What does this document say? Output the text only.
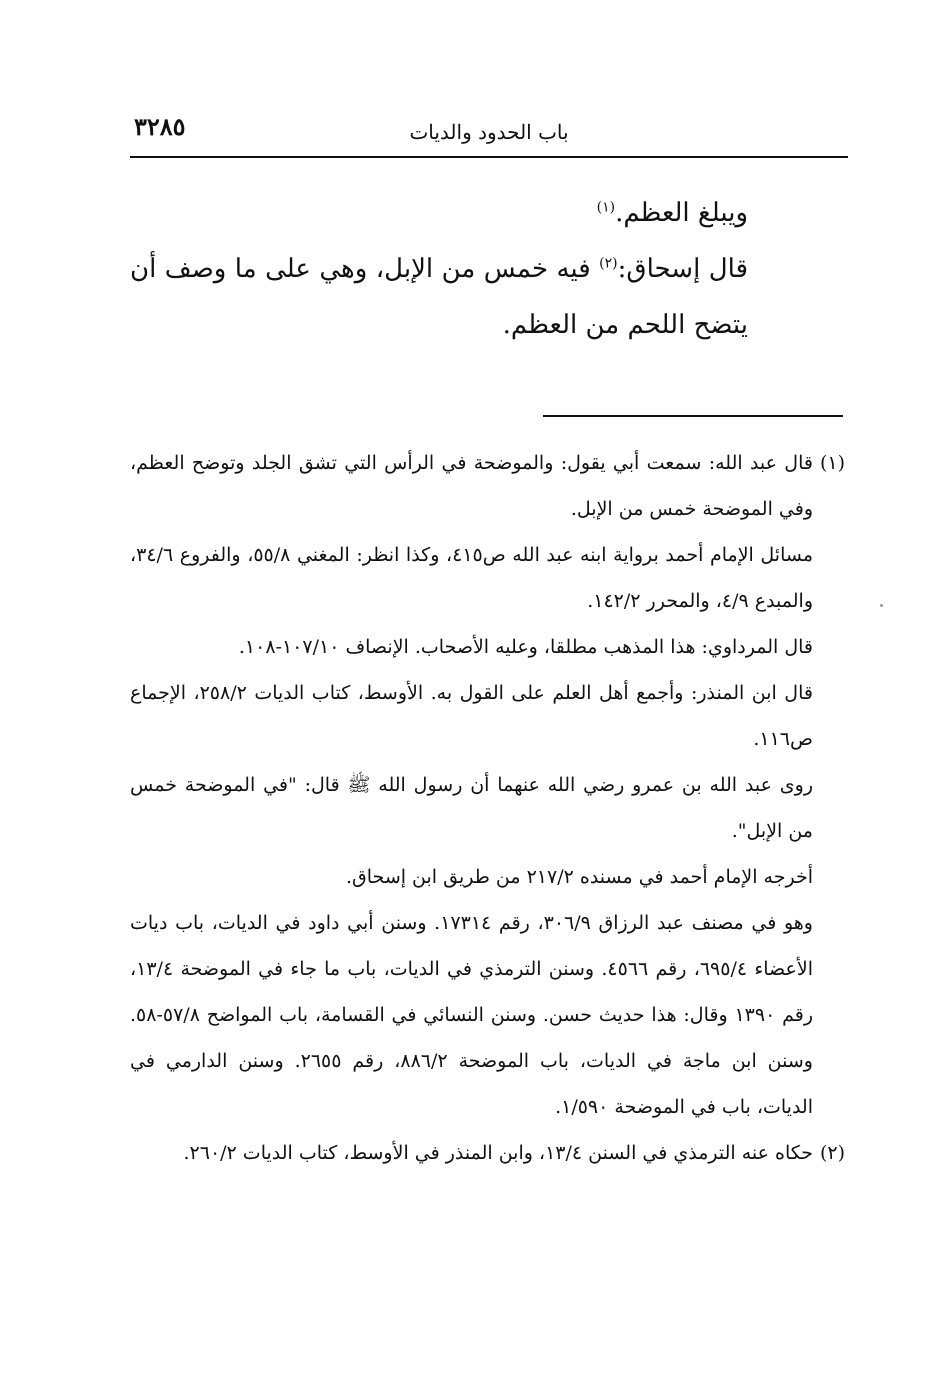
باب الحدود والديات
٣٢٨٥

ويبلغ العظم.$^{(١)}$

قال إسحاق:$^{(٢)}$ فيه خمس من الإبل، وهي على ما وصف أن يتضح اللحم من العظم.

(١)
قال عبد الله: سمعت أبي يقول: والموضحة في الرأس التي تشق الجلد وتوضح العظم، وفي الموضحة خمس من الإبل.

مسائل الإمام أحمد برواية ابنه عبد الله ص٤١٥، وكذا انظر: المغني ٥٥/٨، والفروع ٣٤/٦، والمبدع ٤/٩، والمحرر ١٤٢/٢.

قال المرداوي: هذا المذهب مطلقا، وعليه الأصحاب. الإنصاف ١٠٧/١٠-١٠٨.

قال ابن المنذر: وأجمع أهل العلم على القول به. الأوسط، كتاب الديات ٢٥٨/٢، الإجماع ص١١٦.

روى عبد الله بن عمرو رضي الله عنهما أن رسول الله ﷺ قال: "في الموضحة خمس من الإبل".

أخرجه الإمام أحمد في مسنده ٢١٧/٢ من طريق ابن إسحاق.

وهو في مصنف عبد الرزاق ٣٠٦/٩، رقم ١٧٣١٤. وسنن أبي داود في الديات، باب ديات الأعضاء ٦٩٥/٤، رقم ٤٥٦٦. وسنن الترمذي في الديات، باب ما جاء في الموضحة ١٣/٤، رقم ١٣٩٠ وقال: هذا حديث حسن. وسنن النسائي في القسامة، باب المواضح ٥٧/٨-٥٨. وسنن ابن ماجة في الديات، باب الموضحة ٨٨٦/٢، رقم ٢٦٥٥. وسنن الدارمي في الديات، باب في الموضحة ١/٥٩٠.

(٢)
حكاه عنه الترمذي في السنن ١٣/٤، وابن المنذر في الأوسط، كتاب الديات ٢٦٠/٢.
